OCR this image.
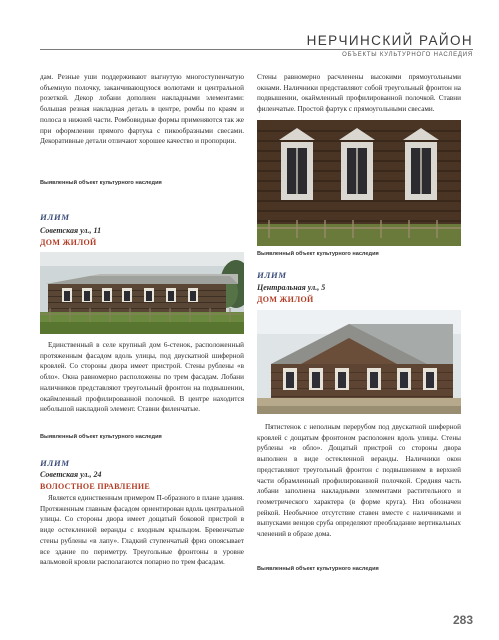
НЕРЧИНСКИЙ РАЙОН
ОБЪЕКТЫ КУЛЬТУРНОГО НАСЛЕДИЯ

дам. Резные уши поддерживают выгнутую многоступенчатую объемную полочку, заканчивающуюся волютами и центральной розеткой. Декор лобани дополнен накладными элементами: большая резная накладная деталь в центре, ромбы по краям и полоса в нижней части. Ромбовидные формы применяются так же при оформлении прямого фартука с пикообразными свесами. Декоративные детали отличают хорошее качество и пропорции.

Выявленный объект культурного наследия
ИЛИМ
Советская ул., 11
ДОМ ЖИЛОЙ

Единственный в селе крупный дом 6-стенок, расположенный протяженным фасадом вдоль улицы, под двускатной шиферной кровлей. Со стороны двора имеет пристрой. Стены рублены «в обло». Окна равномерно расположены по трем фасадам. Лобани наличников представляют треугольный фронтон на подвышении, окаймленный профилированной полочкой. В центре находится небольшой накладной элемент. Ставни филенчатые.

Выявленный объект культурного наследия
ИЛИМ
Советская ул., 24
ВОЛОСТНОЕ ПРАВЛЕНИЕ

Является единственным примером П-образного в плане здания. Протяженным главным фасадом ориентирован вдоль центральной улицы. Со стороны двора имеет дощатый боковой пристрой в виде остекленной веранды с входным крыльцом. Бревенчатые стены рублены «в лапу». Гладкий ступенчатый фриз опоясывает все здание по периметру. Треугольные фронтоны в уровне вальмовой кровли располагаются попарно по трем фасадам.

Стены равномерно расчленены высокими прямоугольными окнами. Наличники представляют собой треугольный фронтон на подвышении, окаймленный профилированной полочкой. Ставни филенчатые. Простой фартук с прямоугольными свесами.

Выявленный объект культурного наследия
ИЛИМ
Центральная ул., 5
ДОМ ЖИЛОЙ

Пятистенок с неполным перерубом под двускатной шиферной кровлей с дощатым фронтоном расположен вдоль улицы. Стены рублены «в обло». Дощатый пристрой со стороны двора выполнен в виде остекленной веранды. Наличники окон представляют треугольный фронтон с подвышением в верхней части обрамленный профилированной полочкой. Средняя часть лобани заполнена накладными элементами растительного и геометрического характера (в форме круга). Низ обозначен рейкой. Необычное отсутствие ставен вместе с наличниками и выпусками венцов сруба определяют преобладание вертикальных членений в образе дома.

Выявленный объект культурного наследия
283
